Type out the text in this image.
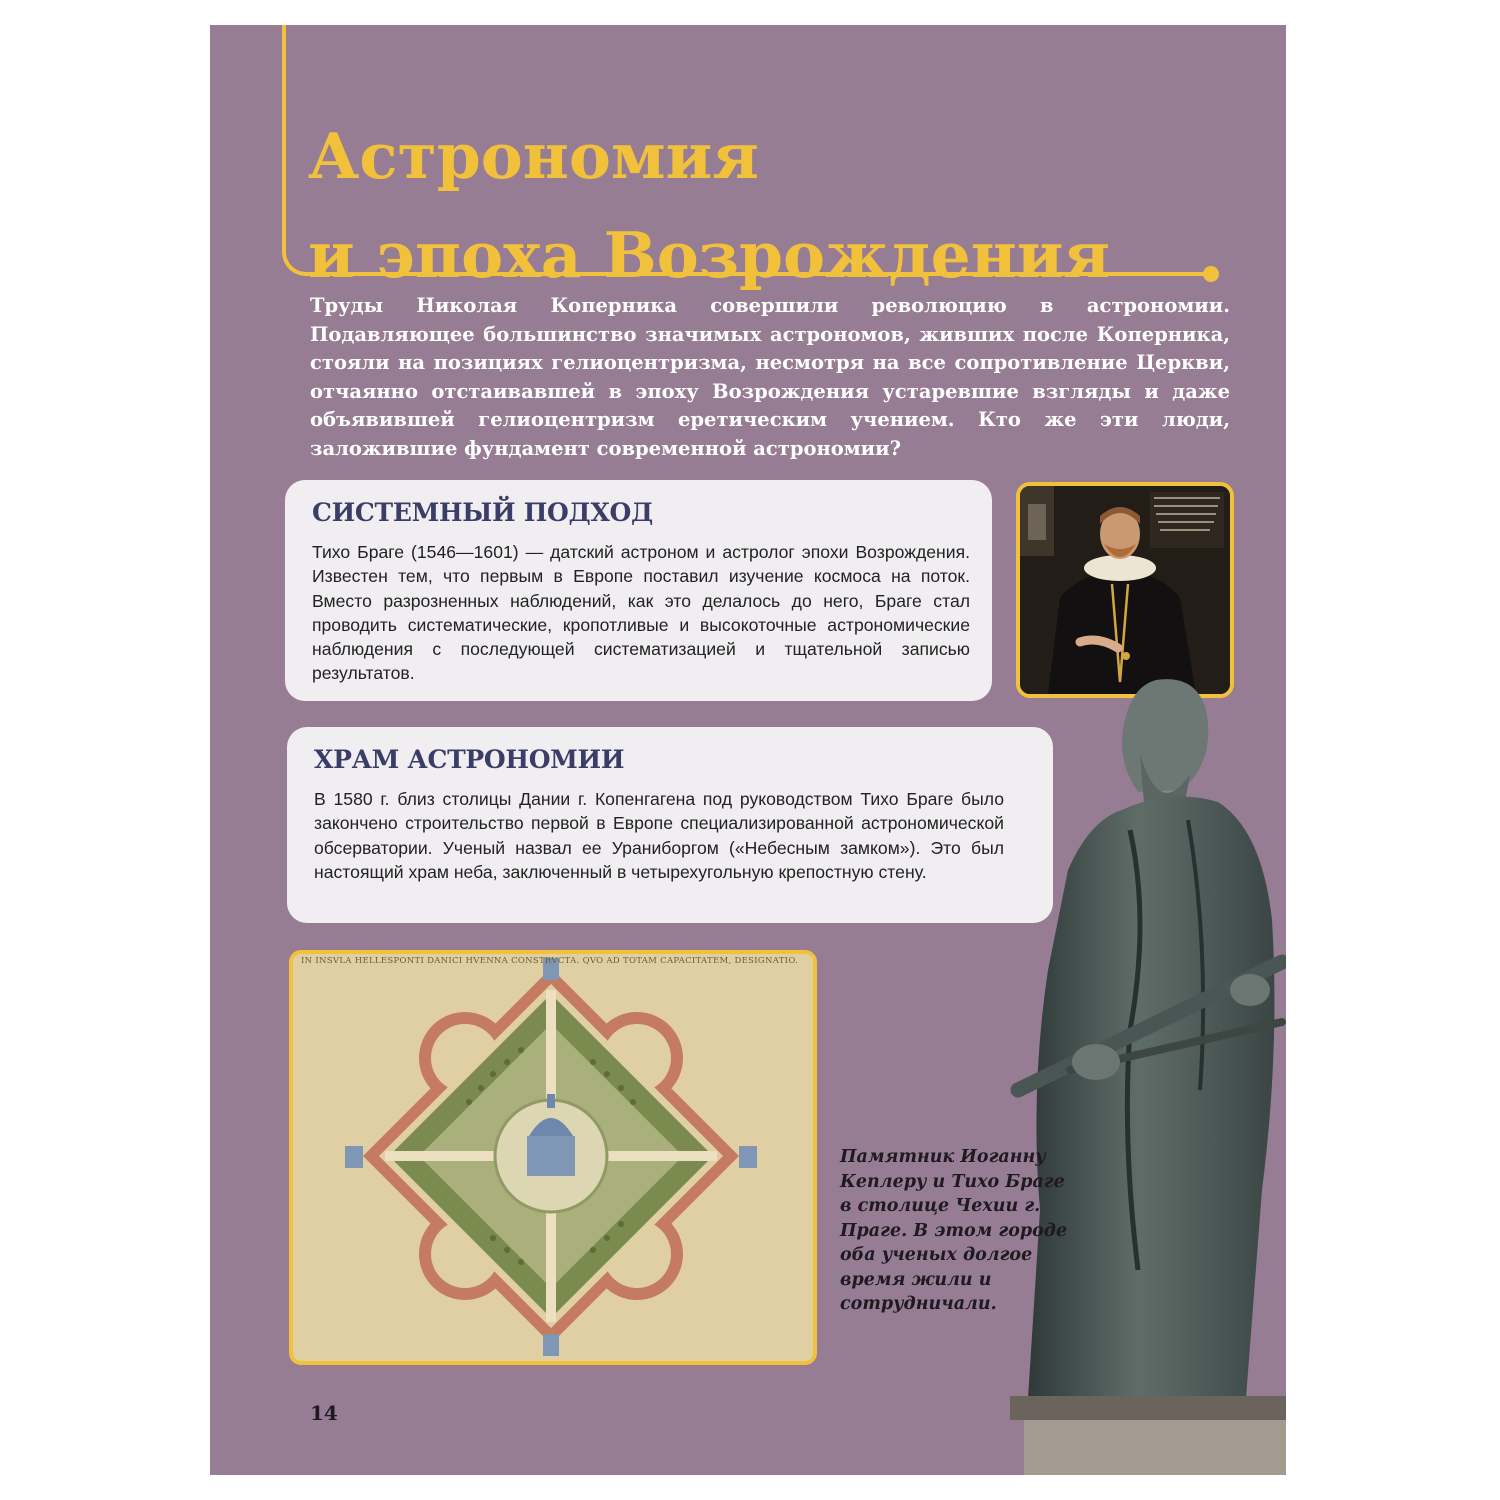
Астрономия
и эпоха Возрождения

Труды Николая Коперника совершили революцию в астрономии. Подавляющее большинство значимых астрономов, живших после Коперника, стояли на позициях гелиоцентризма, несмотря на все сопротивление Церкви, отчаянно отстаивавшей в эпоху Возрождения устаревшие взгляды и даже объявившей гелиоцентризм еретическим учением. Кто же эти люди, заложившие фундамент современной астрономии?

СИСТЕМНЫЙ ПОДХОД

Тихо Браге (1546—1601) — датский астроном и астролог эпохи Возрождения. Известен тем, что первым в Европе поставил изучение космоса на поток. Вместо разрозненных наблюдений, как это делалось до него, Браге стал проводить систематические, кропотливые и высокоточные астрономические наблюдения с последующей систематизацией и тщательной записью результатов.

ХРАМ АСТРОНОМИИ

В 1580 г. близ столицы Дании г. Копенгагена под руководством Тихо Браге было закончено строительство первой в Европе специализированной астрономической обсерватории. Ученый назвал ее Ураниборгом («Небесным замком»). Это был настоящий храм неба, заключенный в четырехугольную крепостную стену.

IN INSVLA HELLESPONTI DANICI HVENNA CONSTRVCTA. QVO AD TOTAM CAPACITATEM, DESIGNATIO.

Памятник Иоганну Кеплеру и Тихо Браге в столице Чехии г. Праге. В этом городе оба ученых долгое время жили и сотрудничали.

14
